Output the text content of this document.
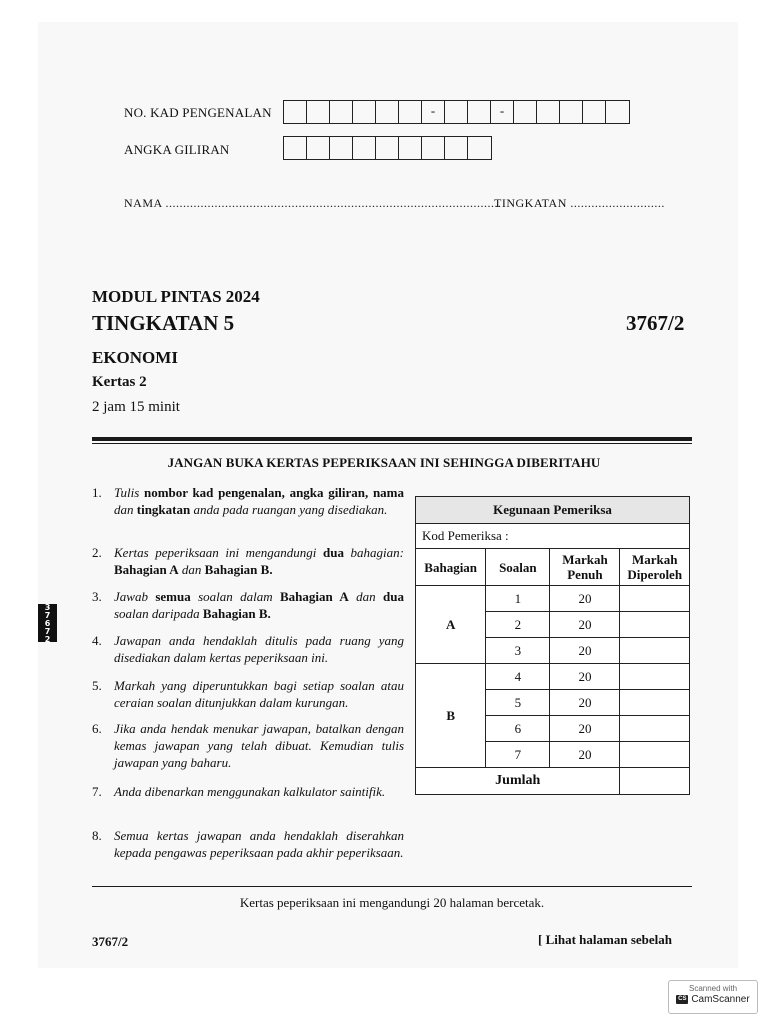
NO. KAD PENGENALAN	-	-
ANGKA GILIRAN
NAMA ................................................................................................
TINGKATAN ...........................
MODUL PINTAS 2024
TINGKATAN 5	3767/2
EKONOMI
Kertas 2
2 jam 15 minit
JANGAN BUKA KERTAS PEPERIKSAAN INI SEHINGGA DIBERITAHU
1. Tulis nombor kad pengenalan, angka giliran, nama dan tingkatan anda pada ruangan yang disediakan.
2. Kertas peperiksaan ini mengandungi dua bahagian: Bahagian A dan Bahagian B.
3. Jawab semua soalan dalam Bahagian A dan dua soalan daripada Bahagian B.
4. Jawapan anda hendaklah ditulis pada ruang yang disediakan dalam kertas peperiksaan ini.
5. Markah yang diperuntukkan bagi setiap soalan atau ceraian soalan ditunjukkan dalam kurungan.
6. Jika anda hendak menukar jawapan, batalkan dengan kemas jawapan yang telah dibuat. Kemudian tulis jawapan yang baharu.
7. Anda dibenarkan menggunakan kalkulator saintifik.
8. Semua kertas jawapan anda hendaklah diserahkan kepada pengawas peperiksaan pada akhir peperiksaan.
Kegunaan Pemeriksa			
Kod Pemeriksa :			
Bahagian	Soalan	Markah Penuh	Markah Diperoleh
A	1	20	
	2	20	
	3	20	
B	4	20	
	5	20	
	6	20	
	7	20	
Jumlah			
Kertas peperiksaan ini mengandungi 20 halaman bercetak.
3767/2	[ Lihat halaman sebelah
3
7
6
7
2
Scanned with
CS CamScanner
